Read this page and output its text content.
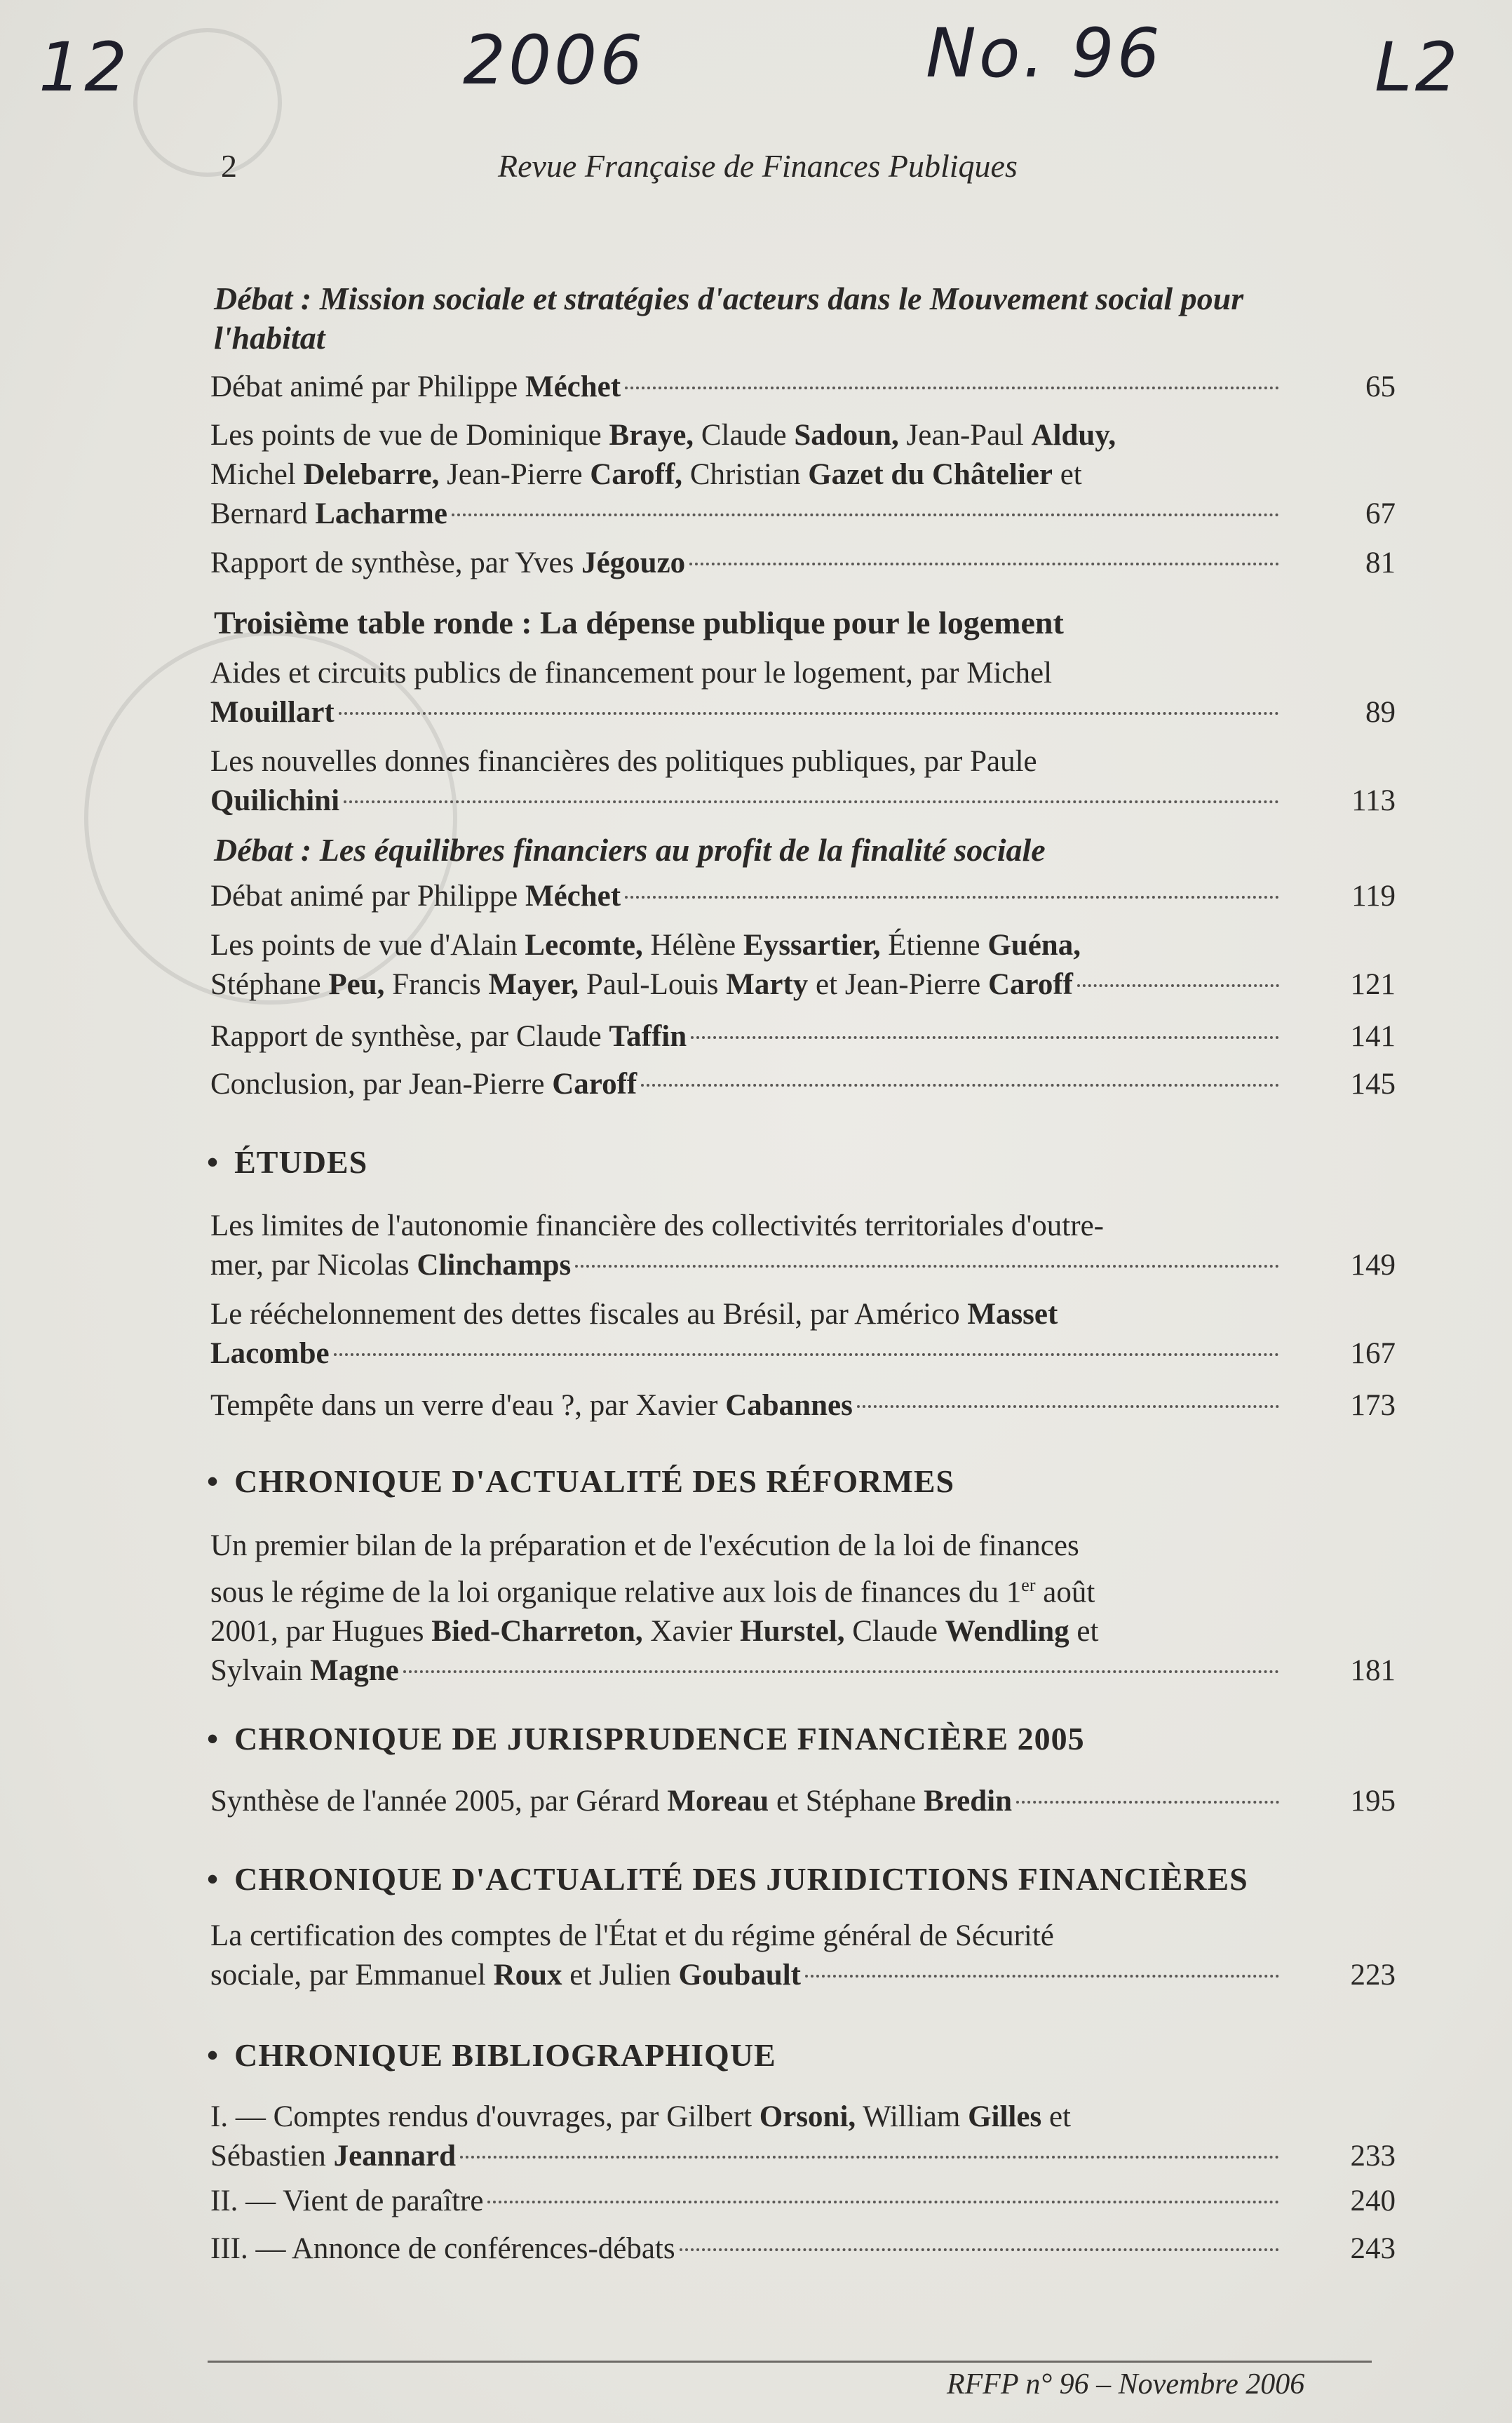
12	2006	No. 96	L2
2	Revue Française de Finances Publiques
Débat : Mission sociale et stratégies d'acteurs dans le Mouvement social pour l'habitat
Débat animé par Philippe Méchet	65
Les points de vue de Dominique Braye, Claude Sadoun, Jean-Paul Alduy,
Michel Delebarre, Jean-Pierre Caroff, Christian Gazet du Châtelier et
Bernard Lacharme	67
Rapport de synthèse, par Yves Jégouzo	81
Troisième table ronde : La dépense publique pour le logement
Aides et circuits publics de financement pour le logement, par Michel
Mouillart	89
Les nouvelles donnes financières des politiques publiques, par Paule
Quilichini	113
Débat : Les équilibres financiers au profit de la finalité sociale
Débat animé par Philippe Méchet	119
Les points de vue d'Alain Lecomte, Hélène Eyssartier, Étienne Guéna,
Stéphane Peu, Francis Mayer, Paul-Louis Marty et Jean-Pierre Caroff	121
Rapport de synthèse, par Claude Taffin	141
Conclusion, par Jean-Pierre Caroff	145
• ÉTUDES
Les limites de l'autonomie financière des collectivités territoriales d'outre-
mer, par Nicolas Clinchamps	149
Le rééchelonnement des dettes fiscales au Brésil, par Américo Masset
Lacombe	167
Tempête dans un verre d'eau ?, par Xavier Cabannes	173
• CHRONIQUE D'ACTUALITÉ DES RÉFORMES
Un premier bilan de la préparation et de l'exécution de la loi de finances
sous le régime de la loi organique relative aux lois de finances du 1er août
2001, par Hugues Bied-Charreton, Xavier Hurstel, Claude Wendling et
Sylvain Magne	181
• CHRONIQUE DE JURISPRUDENCE FINANCIÈRE 2005
Synthèse de l'année 2005, par Gérard Moreau et Stéphane Bredin	195
• CHRONIQUE D'ACTUALITÉ DES JURIDICTIONS FINANCIÈRES
La certification des comptes de l'État et du régime général de Sécurité
sociale, par Emmanuel Roux et Julien Goubault	223
• CHRONIQUE BIBLIOGRAPHIQUE
I. — Comptes rendus d'ouvrages, par Gilbert Orsoni, William Gilles et
Sébastien Jeannard	233
II. — Vient de paraître	240
III. — Annonce de conférences-débats	243
RFFP n° 96 – Novembre 2006
